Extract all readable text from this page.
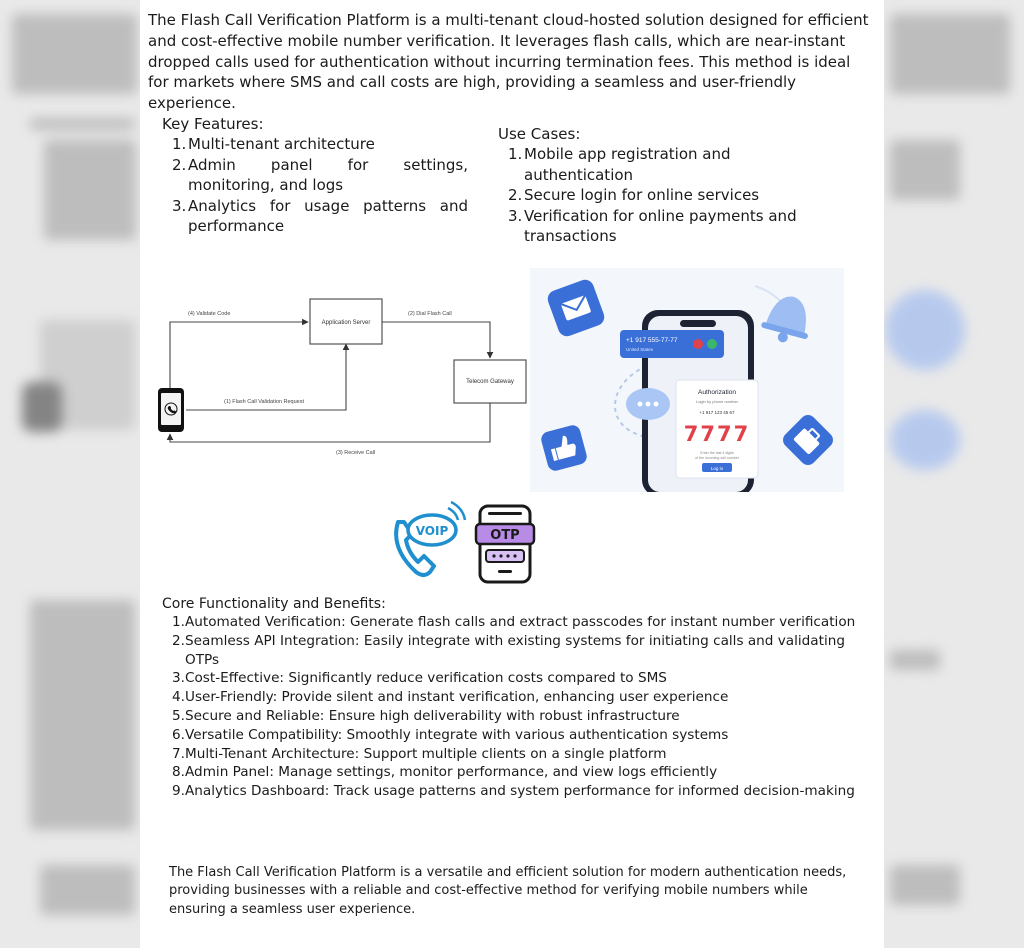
The Flash Call Verification Platform is a multi-tenant cloud-hosted solution designed for efficient and cost-effective mobile number verification. It leverages flash calls, which are near-instant dropped calls used for authentication without incurring termination fees. This method is ideal for markets where SMS and call costs are high, providing a seamless and user-friendly experience.

Key Features:

1. Multi-tenant architecture
2. Admin panel for settings, monitoring, and logs
3. Analytics for usage patterns and performance

Use Cases:

1. Mobile app registration and authentication
2. Secure login for online services
3. Verification for online payments and transactions
Application Server
Telecom Gateway
(4) Validate Code	(2) Dial Flash Call
(1) Flash Call Validation Request
(3) Receive Call
+1 917 555-77-77
United States
Authorization
Login by phone number
+1 917 123 45 67
7777
Enter the last 4 digits
of the incoming call number
Log in
VOIP	OTP

Core Functionality and Benefits:

1. Automated Verification: Generate flash calls and extract passcodes for instant number verification
2. Seamless API Integration: Easily integrate with existing systems for initiating calls and validating OTPs
3. Cost-Effective: Significantly reduce verification costs compared to SMS
4. User-Friendly: Provide silent and instant verification, enhancing user experience
5. Secure and Reliable: Ensure high deliverability with robust infrastructure
6. Versatile Compatibility: Smoothly integrate with various authentication systems
7. Multi-Tenant Architecture: Support multiple clients on a single platform
8. Admin Panel: Manage settings, monitor performance, and view logs efficiently
9. Analytics Dashboard: Track usage patterns and system performance for informed decision-making

The Flash Call Verification Platform is a versatile and efficient solution for modern authentication needs, providing businesses with a reliable and cost-effective method for verifying mobile numbers while ensuring a seamless user experience.
